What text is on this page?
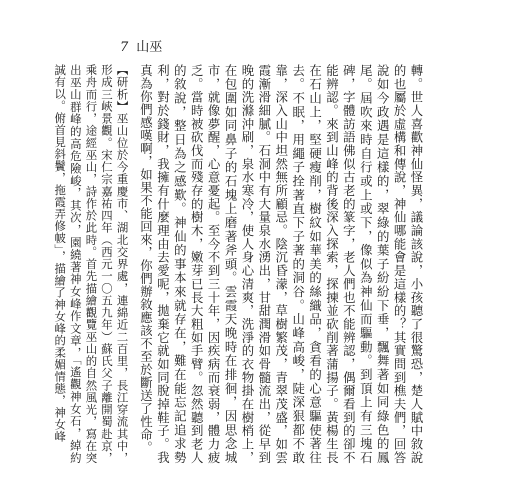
7 山巫

轉。世人喜歡神仙怪異，議論該說，小孩聽了很驚恐，楚人賦中敘說的也屬於虛構和傳說，神仙哪能會是這樣的？其實問到樵夫們，回答說如今政遇是這樣的，翠綠的葉子紛紛下垂，飄舞著如同綠色的鳳尾。屆吹來時自行或上或下，像似為神仙而驅動。到頂上有三塊石碑，字體訪語佛似古老的篆字，老人們也不能辨認，偶爾看到的卻不能辨認。來到山峰的背後深入探索，探揀並砍削著蒲揚子。黃楊生長在石山上，堅硬瘦削，樹紋如華美的絲織品，貪看的心意驅使著往去。不眠，用繩子拴著直下子著的洞谷。山峰高峻，陡深狠都不敢靠，深入山中坦然無所顧忌。陰沉昏濛，草樹繁茂，青翠茂盛，如雲霞漸滑細膩。石洞中有大量泉水湧出，甘甜潤滑如骨髓流出，從早到晚的洗滌沖刷，泉水寒冷，使人身心清爽，洗淨的衣物掛在樹梢上，在包圍如同鼻子的石塊上磨著斧頭。雲霞天晚時在排徊，因思念城市，就像夢醒，心意憂起。至今不到三十年，因疾病而衰弱，體力疲乏。當時被砍伐而殘存的樹木，嫩芽已長大粗如手臂。忽然聽到老人的敘說，整日為之感歎。神仙的事本來就存在，難在能忘記追求勢利，對於錢財，我擁有什麼理由去愛呢，拋棄它就如同脫掉鞋子。我真為你們感嘆啊，如果不能回來，你們辦敘應該不至於斷送了性命。

【研析】巫山位於今重慶市、湖北交界處，連綿近二百里，長江穿流其中，形成三峽景觀。宋仁宗嘉祐四年（西元一〇五九年）蘇氏父子離開蜀赴京，乘舟而行，途經巫山，詩作於此時。首先描繪觀覽巫山的自然風光，寫在突出巫山群峰的高危險峻，其次，園繞著神女峰作文章，「遙觀神女石，綽約誠有以。俯首見斜鬢，拖霞弄修帔」，描繪了神女峰的柔媚情態，神女峰
